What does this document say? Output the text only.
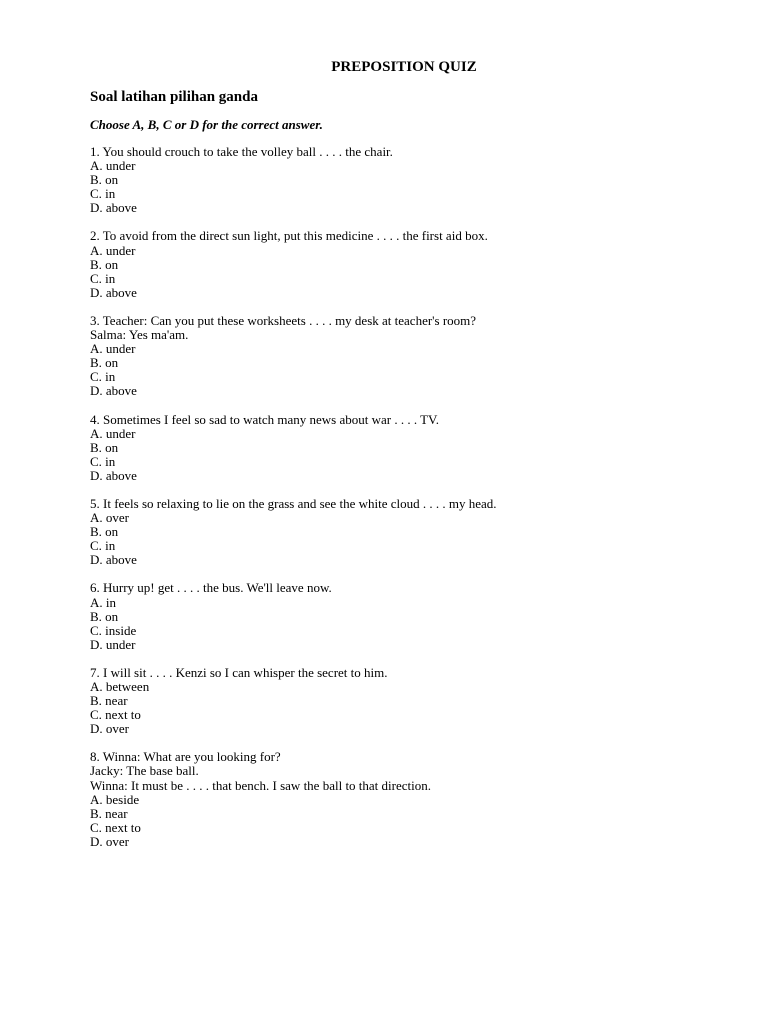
PREPOSITION QUIZ
Soal latihan pilihan ganda

Choose A, B, C or D for the correct answer.

1. You should crouch to take the volley ball . . . . the chair.
A. under
B. on
C. in
D. above
2. To avoid from the direct sun light, put this medicine . . . . the first aid box.
A. under
B. on
C. in
D. above
3. Teacher: Can you put these worksheets . . . . my desk at teacher's room?
Salma: Yes ma'am.
A. under
B. on
C. in
D. above
4. Sometimes I feel so sad to watch many news about war . . . . TV.
A. under
B. on
C. in
D. above
5. It feels so relaxing to lie on the grass and see the white cloud . . . . my head.
A. over
B. on
C. in
D. above
6. Hurry up! get . . . . the bus. We'll leave now.
A. in
B. on
C. inside
D. under
7. I will sit . . . . Kenzi so I can whisper the secret to him.
A. between
B. near
C. next to
D. over
8. Winna: What are you looking for?
Jacky: The base ball.
Winna: It must be . . . . that bench. I saw the ball to that direction.
A. beside
B. near
C. next to
D. over
